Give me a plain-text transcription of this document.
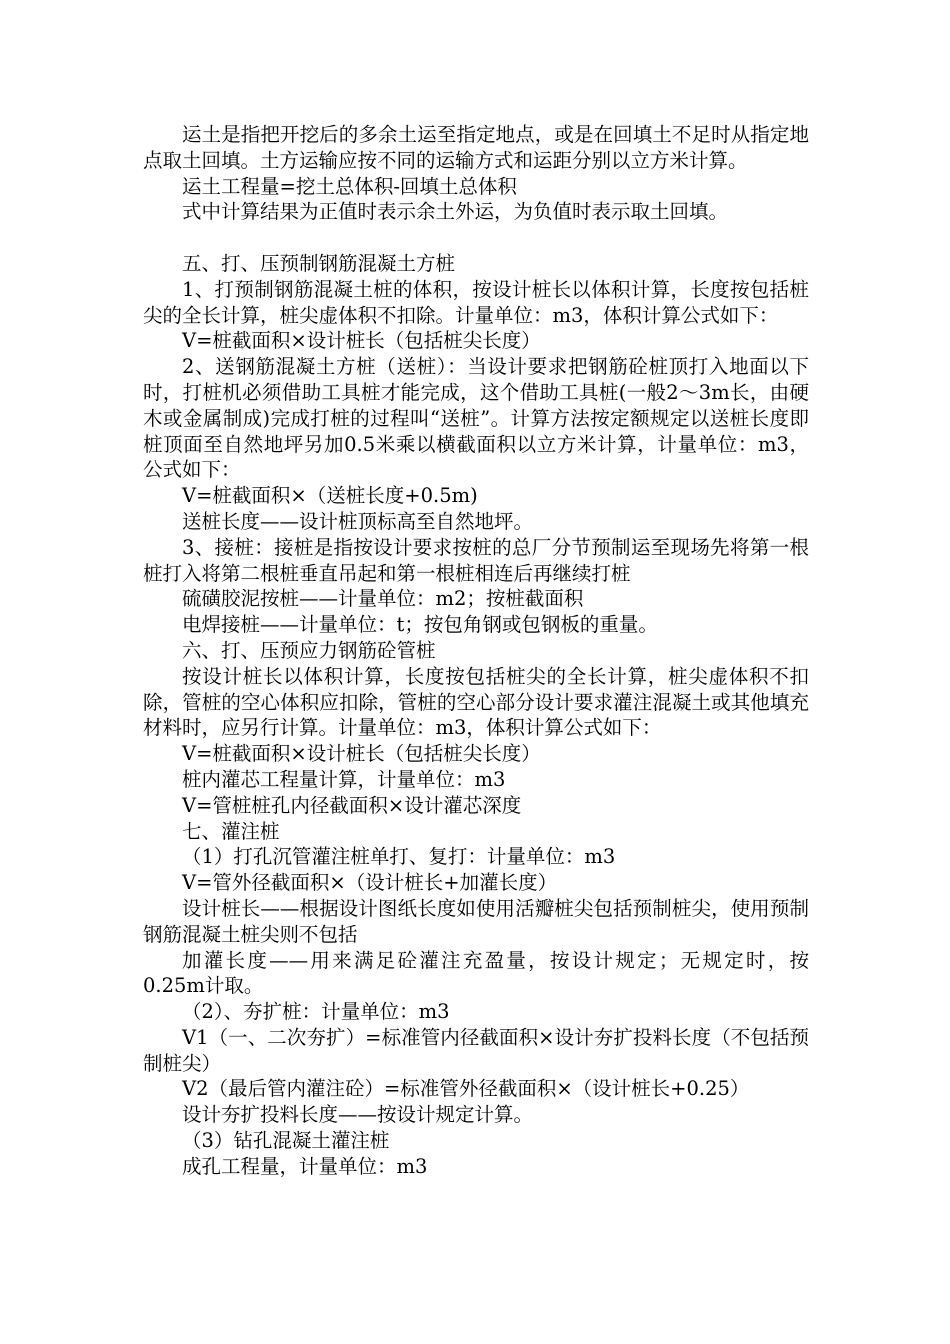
运土是指把开挖后的多余土运至指定地点，或是在回填土不足时从指定地点取土回填。土方运输应按不同的运输方式和运距分别以立方米计算。

运土工程量=挖土总体积-回填土总体积

式中计算结果为正值时表示余土外运，为负值时表示取土回填。

五、打、压预制钢筋混凝土方桩

1、打预制钢筋混凝土桩的体积，按设计桩长以体积计算，长度按包括桩尖的全长计算，桩尖虚体积不扣除。计量单位：m3，体积计算公式如下：

V=桩截面积×设计桩长（包括桩尖长度）

2、送钢筋混凝土方桩（送桩）：当设计要求把钢筋砼桩顶打入地面以下时，打桩机必须借助工具桩才能完成，这个借助工具桩(一般2～3m长，由硬木或金属制成)完成打桩的过程叫“送桩”。计算方法按定额规定以送桩长度即桩顶面至自然地坪另加0.5米乘以横截面积以立方米计算，计量单位：m3，公式如下：

V=桩截面积×（送桩长度+0.5m)

送桩长度——设计桩顶标高至自然地坪。

3、接桩：接桩是指按设计要求按桩的总厂分节预制运至现场先将第一根桩打入将第二根桩垂直吊起和第一根桩相连后再继续打桩

硫磺胶泥按桩——计量单位：m2；按桩截面积

电焊接桩——计量单位：t；按包角钢或包钢板的重量。

六、打、压预应力钢筋砼管桩

按设计桩长以体积计算，长度按包括桩尖的全长计算，桩尖虚体积不扣除，管桩的空心体积应扣除，管桩的空心部分设计要求灌注混凝土或其他填充材料时，应另行计算。计量单位：m3，体积计算公式如下：

V=桩截面积×设计桩长（包括桩尖长度）

桩内灌芯工程量计算，计量单位：m3

V=管桩桩孔内径截面积×设计灌芯深度

七、灌注桩

（1）打孔沉管灌注桩单打、复打：计量单位：m3

V=管外径截面积×（设计桩长+加灌长度）

设计桩长——根据设计图纸长度如使用活瓣桩尖包括预制桩尖，使用预制钢筋混凝土桩尖则不包括

加灌长度——用来满足砼灌注充盈量，按设计规定；无规定时，按0.25m计取。

（2）、夯扩桩：计量单位：m3

V1（一、二次夯扩）=标准管内径截面积×设计夯扩投料长度（不包括预制桩尖）

V2（最后管内灌注砼）=标准管外径截面积×（设计桩长+0.25）

设计夯扩投料长度——按设计规定计算。

（3）钻孔混凝土灌注桩

成孔工程量，计量单位：m3
